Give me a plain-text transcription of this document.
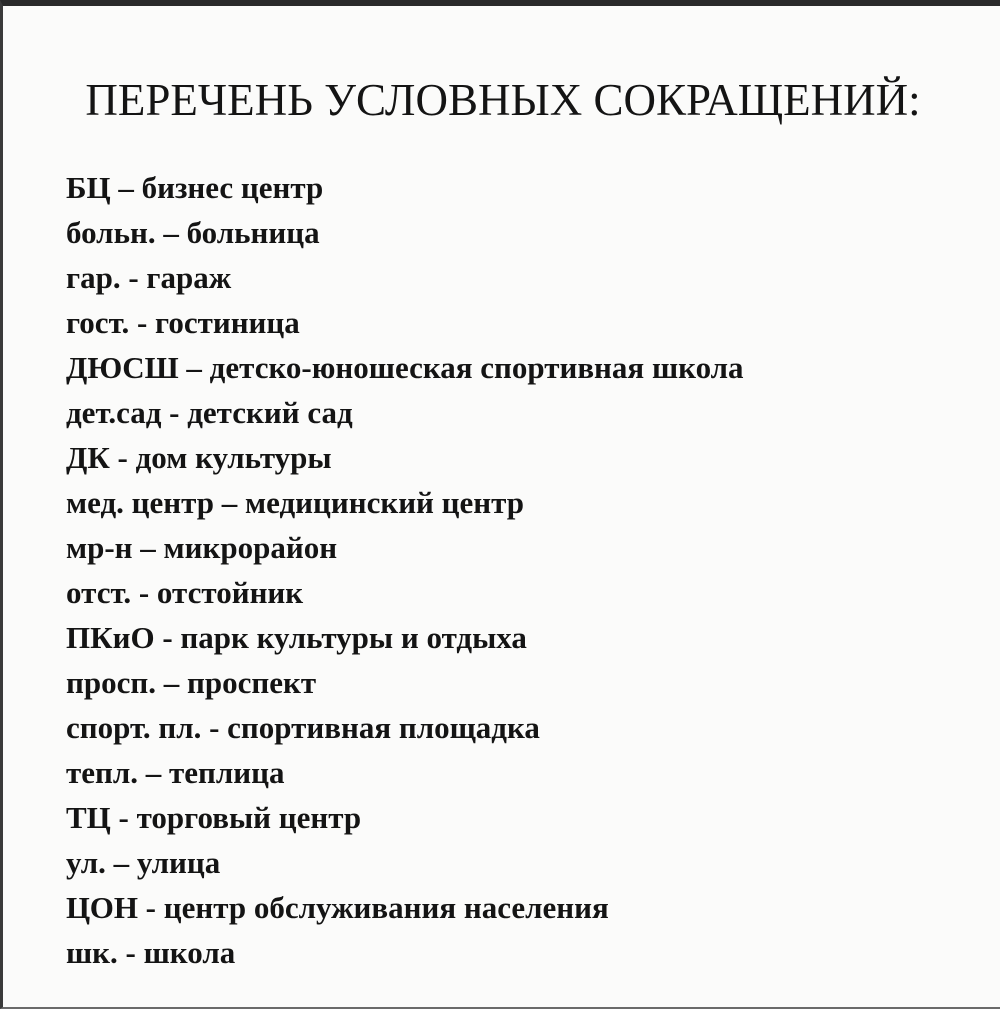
ПЕРЕЧЕНЬ УСЛОВНЫХ СОКРАЩЕНИЙ:
БЦ – бизнес центр
больн. – больница
гар. - гараж
гост. - гостиница
ДЮСШ – детско-юношеская спортивная школа
дет.сад - детский сад
ДК - дом культуры
мед. центр – медицинский центр
мр-н – микрорайон
отст. - отстойник
ПКиО - парк культуры и отдыха
просп. – проспект
спорт. пл. - спортивная площадка
тепл. – теплица
ТЦ - торговый центр
ул. – улица
ЦОН - центр обслуживания населения
шк. - школа
